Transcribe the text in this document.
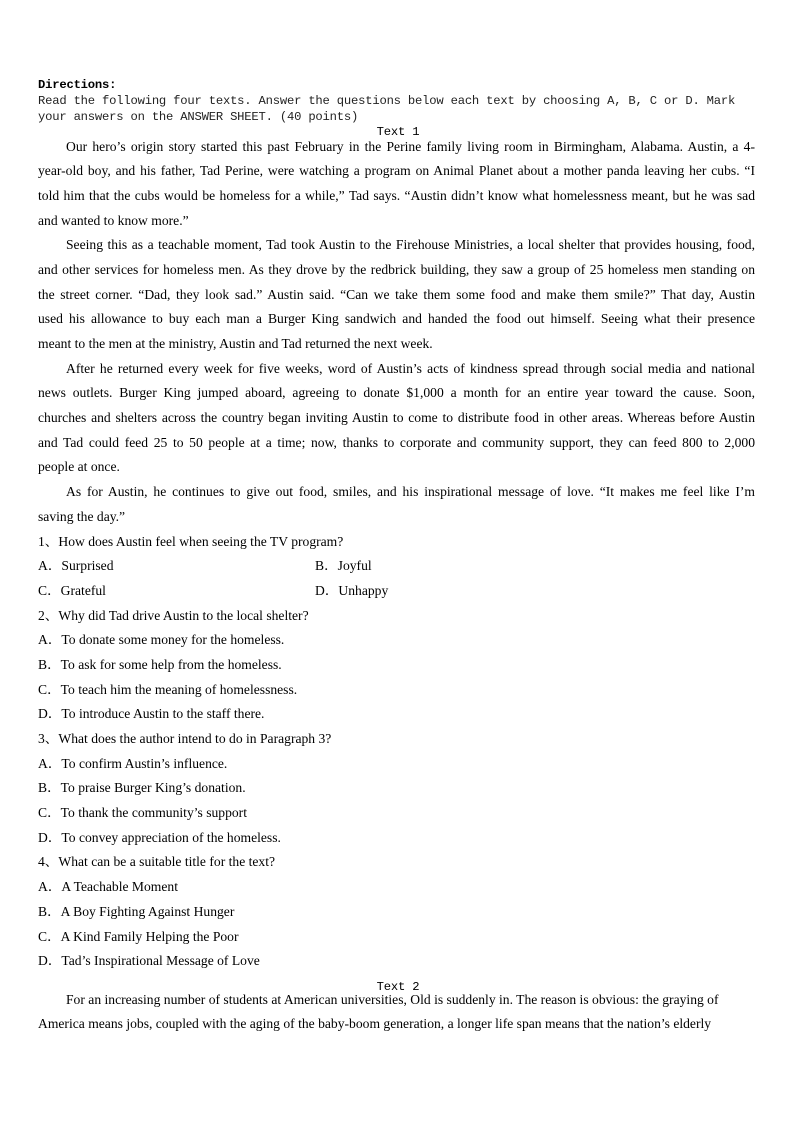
Directions:
Read the following four texts. Answer the questions below each text by choosing A, B, C or D. Mark
your answers on the ANSWER SHEET. (40 points)
Text 1
Our hero’s origin story started this past February in the Perine family living room in Birmingham, Alabama. Austin, a 4-
year-old boy, and his father, Tad Perine, were watching a program on Animal Planet about a mother panda leaving her cubs. “I
told him that the cubs would be homeless for a while,” Tad says. “Austin didn’t know what homelessness meant, but he was sad
and wanted to know more.”
Seeing this as a teachable moment, Tad took Austin to the Firehouse Ministries, a local shelter that provides housing, food,
and other services for homeless men. As they drove by the redbrick building, they saw a group of 25 homeless men standing on
the street corner. “Dad, they look sad.” Austin said. “Can we take them some food and make them smile?” That day, Austin
used his allowance to buy each man a Burger King sandwich and handed the food out himself. Seeing what their presence
meant to the men at the ministry, Austin and Tad returned the next week.
After he returned every week for five weeks, word of Austin’s acts of kindness spread through social media and national
news outlets. Burger King jumped aboard, agreeing to donate $1,000 a month for an entire year toward the cause. Soon,
churches and shelters across the country began inviting Austin to come to distribute food in other areas. Whereas before Austin
and Tad could feed 25 to 50 people at a time; now, thanks to corporate and community support, they can feed 800 to 2,000
people at once.
As for Austin, he continues to give out food, smiles, and his inspirational message of love. “It makes me feel like I’m
saving the day.”
1、How does Austin feel when seeing the TV program?
A．Surprised	B．Joyful
C．Grateful	D．Unhappy
2、Why did Tad drive Austin to the local shelter?
A．To donate some money for the homeless.
B．To ask for some help from the homeless.
C．To teach him the meaning of homelessness.
D．To introduce Austin to the staff there.
3、What does the author intend to do in Paragraph 3?
A．To confirm Austin’s influence.
B．To praise Burger King’s donation.
C．To thank the community’s support
D．To convey appreciation of the homeless.
4、What can be a suitable title for the text?
A．A Teachable Moment
B．A Boy Fighting Against Hunger
C．A Kind Family Helping the Poor
D．Tad’s Inspirational Message of Love
Text 2
For an increasing number of students at American universities, Old is suddenly in. The reason is obvious: the graying of
America means jobs, coupled with the aging of the baby-boom generation, a longer life span means that the nation’s elderly
